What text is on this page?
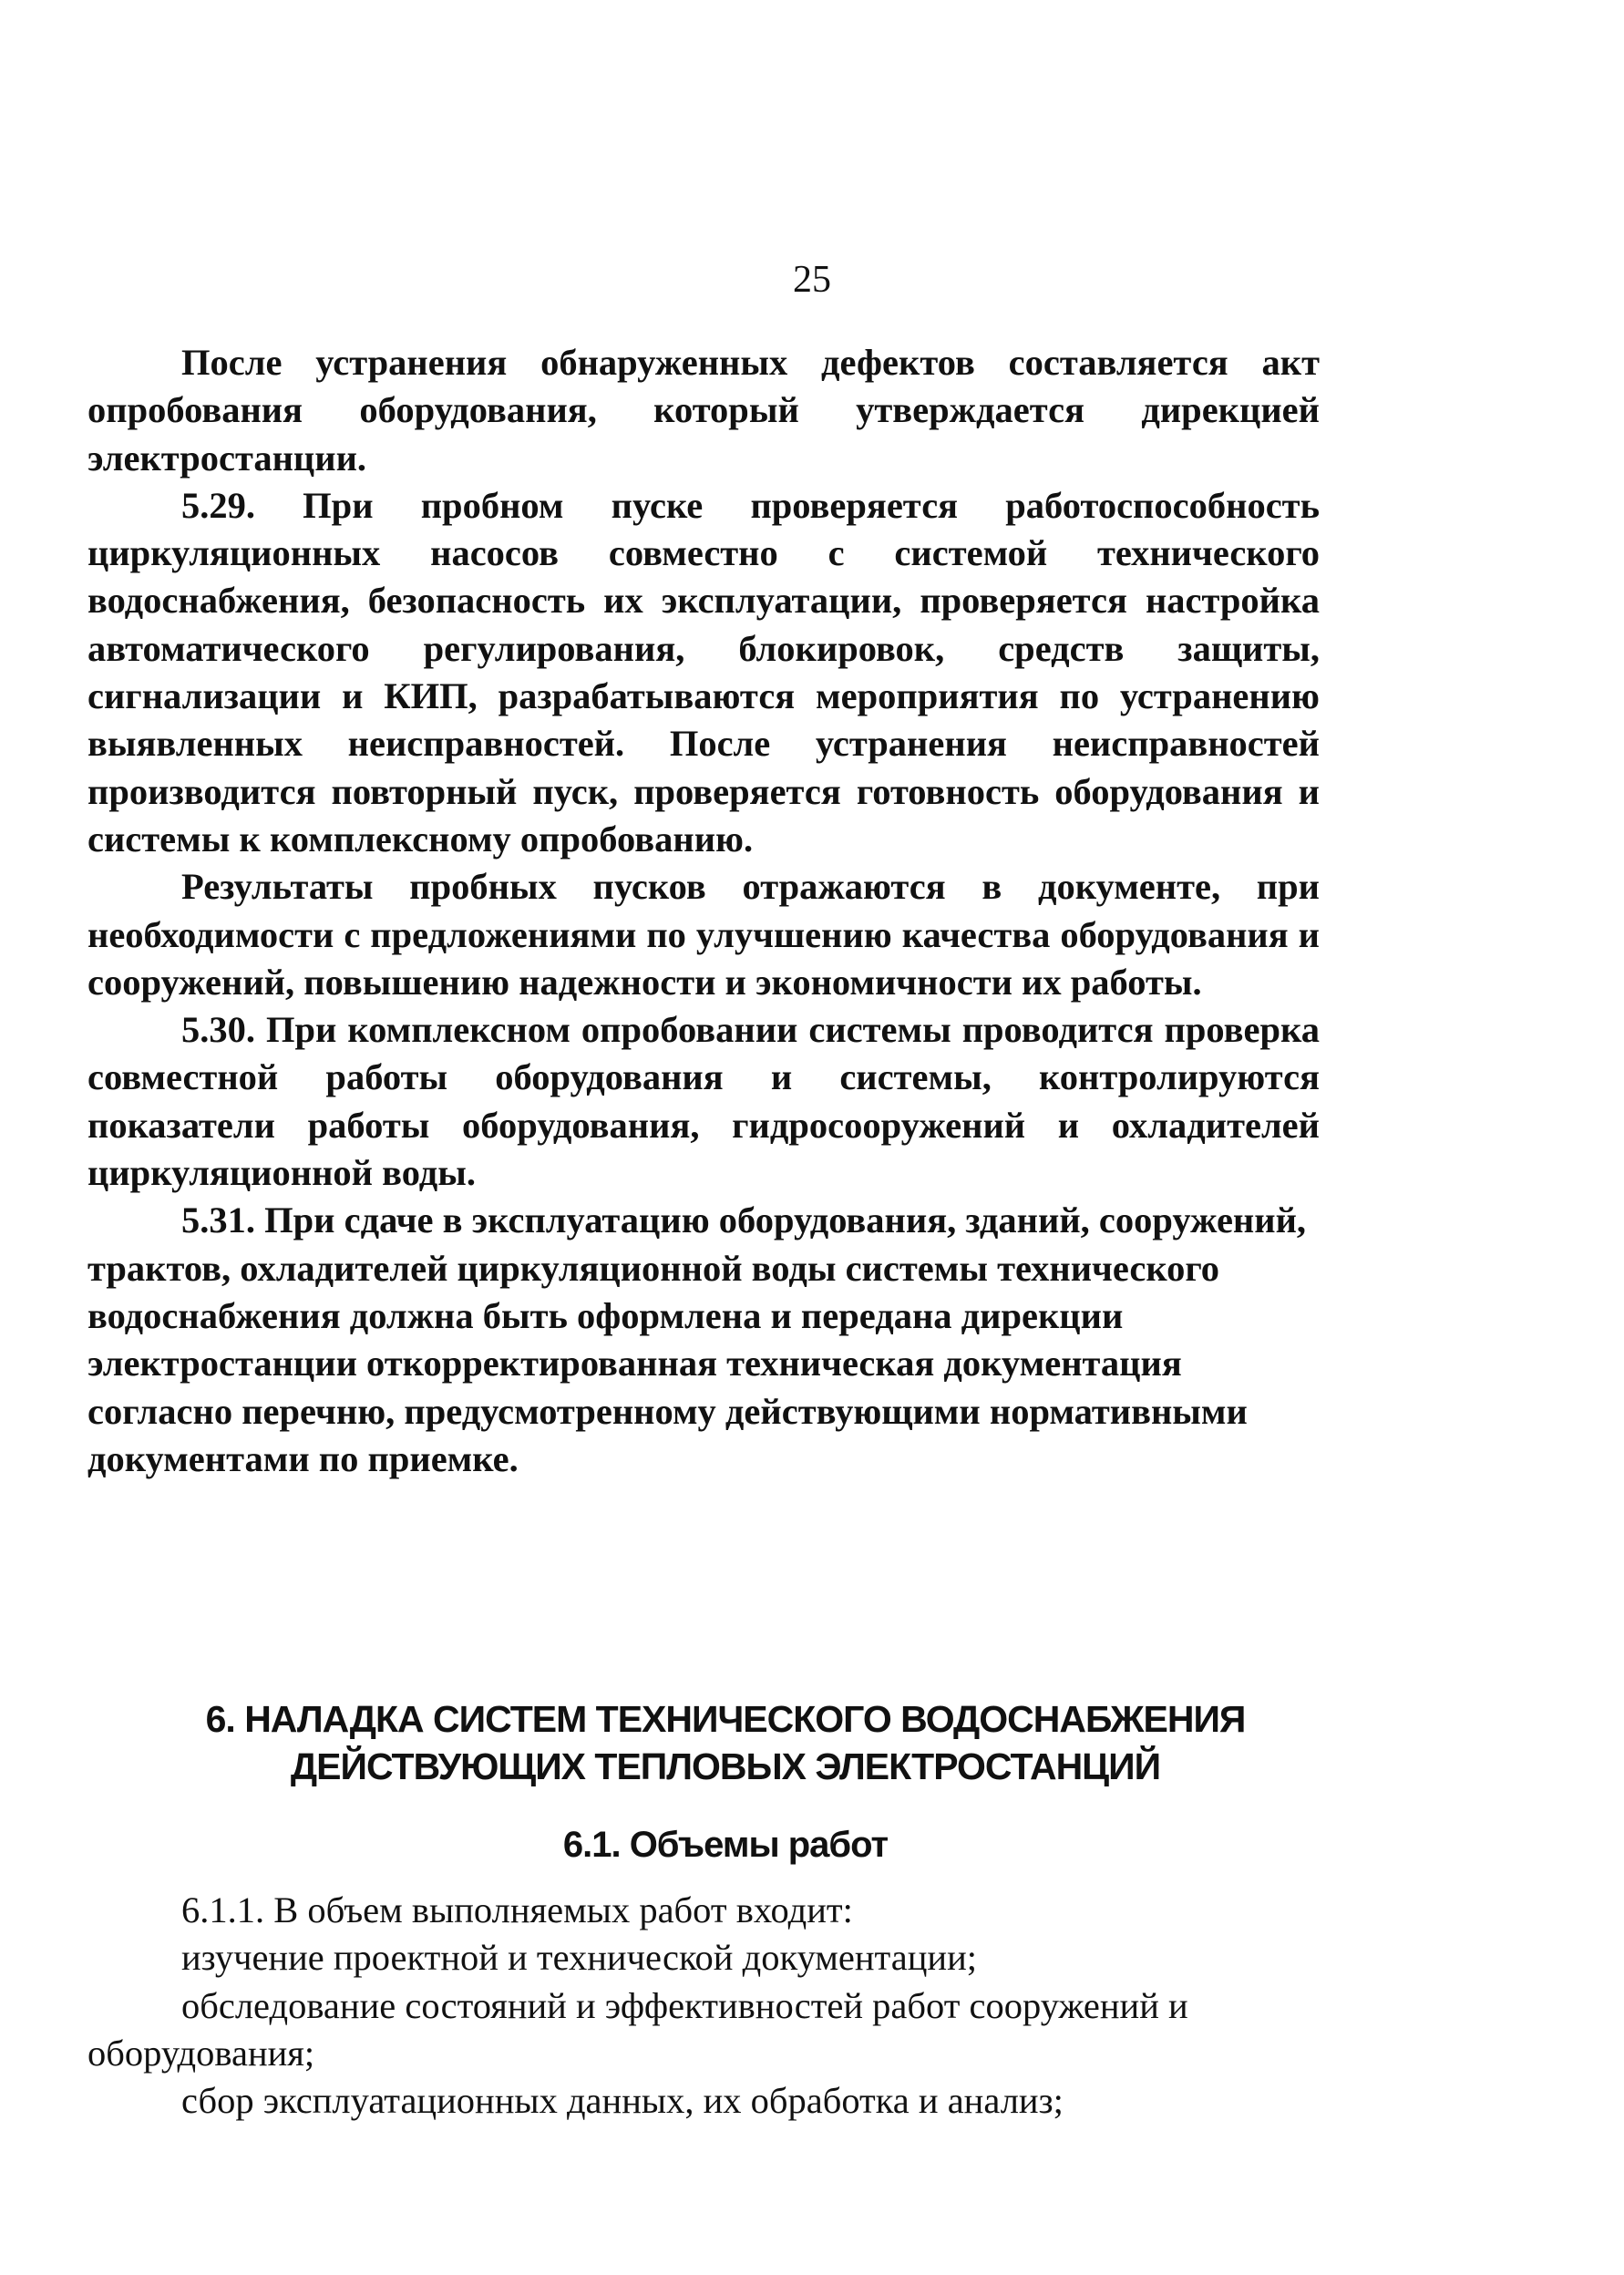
25

После устранения обнаруженных дефектов составляется акт опробования оборудования, который утверждается дирекцией электростанции.

5.29. При пробном пуске проверяется работоспособность циркуляционных насосов совместно с системой технического водоснабжения, безопасность их эксплуатации, проверяется настройка автоматического регулирования, блокировок, средств защиты, сигнализации и КИП, разрабатываются мероприятия по устранению выявленных неисправностей. После устранения неисправностей производится повторный пуск, проверяется готовность оборудования и системы к комплексному опробованию.

Результаты пробных пусков отражаются в документе, при необходимости с предложениями по улучшению качества оборудования и сооружений, повышению надежности и экономичности их работы.

5.30. При комплексном опробовании системы проводится проверка совместной работы оборудования и системы, контролируются показатели работы оборудования, гидросооружений и охладителей циркуляционной воды.

5.31. При сдаче в эксплуатацию оборудования, зданий, сооружений, трактов, охладителей циркуляционной воды системы технического водоснабжения должна быть оформлена и передана дирекции электростанции откорректированная техническая документация согласно перечню, предусмотренному действующими нормативными документами по приемке.

6. НАЛАДКА СИСТЕМ ТЕХНИЧЕСКОГО ВОДОСНАБЖЕНИЯ
ДЕЙСТВУЮЩИХ ТЕПЛОВЫХ ЭЛЕКТРОСТАНЦИЙ
6.1. Объемы работ

6.1.1. В объем выполняемых работ входит:

изучение проектной и технической документации;

обследование состояний и эффективностей работ сооружений и оборудования;

сбор эксплуатационных данных, их обработка и анализ;
